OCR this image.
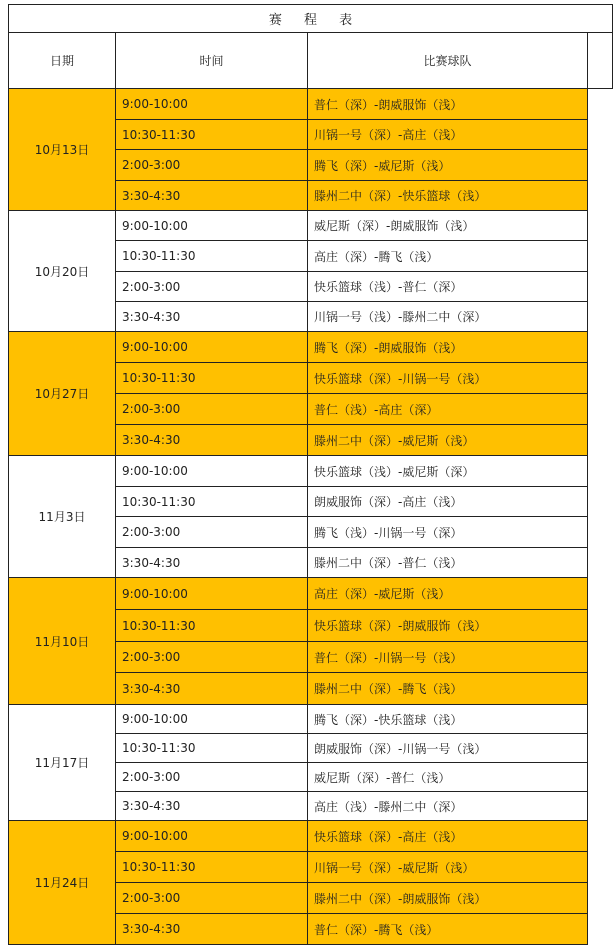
赛 程 表
日期	时间	比赛球队
10月13日
9:00-10:00	普仁（深）-朗威服饰（浅）
10:30-11:30	川锅一号（深）-高庄（浅）
2:00-3:00	腾飞（深）-威尼斯（浅）
3:30-4:30	滕州二中（深）-快乐篮球（浅）
10月20日
9:00-10:00	威尼斯（深）-朗威服饰（浅）
10:30-11:30	高庄（深）-腾飞（浅）
2:00-3:00	快乐篮球（浅）-普仁（深）
3:30-4:30	川锅一号（浅）-滕州二中（深）
10月27日
9:00-10:00	腾飞（深）-朗威服饰（浅）
10:30-11:30	快乐篮球（深）-川锅一号（浅）
2:00-3:00	普仁（浅）-高庄（深）
3:30-4:30	滕州二中（深）-威尼斯（浅）
11月3日
9:00-10:00	快乐篮球（浅）-威尼斯（深）
10:30-11:30	朗威服饰（深）-高庄（浅）
2:00-3:00	腾飞（浅）-川锅一号（深）
3:30-4:30	滕州二中（深）-普仁（浅）
11月10日
9:00-10:00	高庄（深）-威尼斯（浅）
10:30-11:30	快乐篮球（深）-朗威服饰（浅）
2:00-3:00	普仁（深）-川锅一号（浅）
3:30-4:30	滕州二中（深）-腾飞（浅）
11月17日
9:00-10:00	腾飞（深）-快乐篮球（浅）
10:30-11:30	朗威服饰（深）-川锅一号（浅）
2:00-3:00	威尼斯（深）-普仁（浅）
3:30-4:30	高庄（浅）-滕州二中（深）
11月24日
9:00-10:00	快乐篮球（深）-高庄（浅）
10:30-11:30	川锅一号（深）-威尼斯（浅）
2:00-3:00	滕州二中（深）-朗威服饰（浅）
3:30-4:30	普仁（深）-腾飞（浅）
